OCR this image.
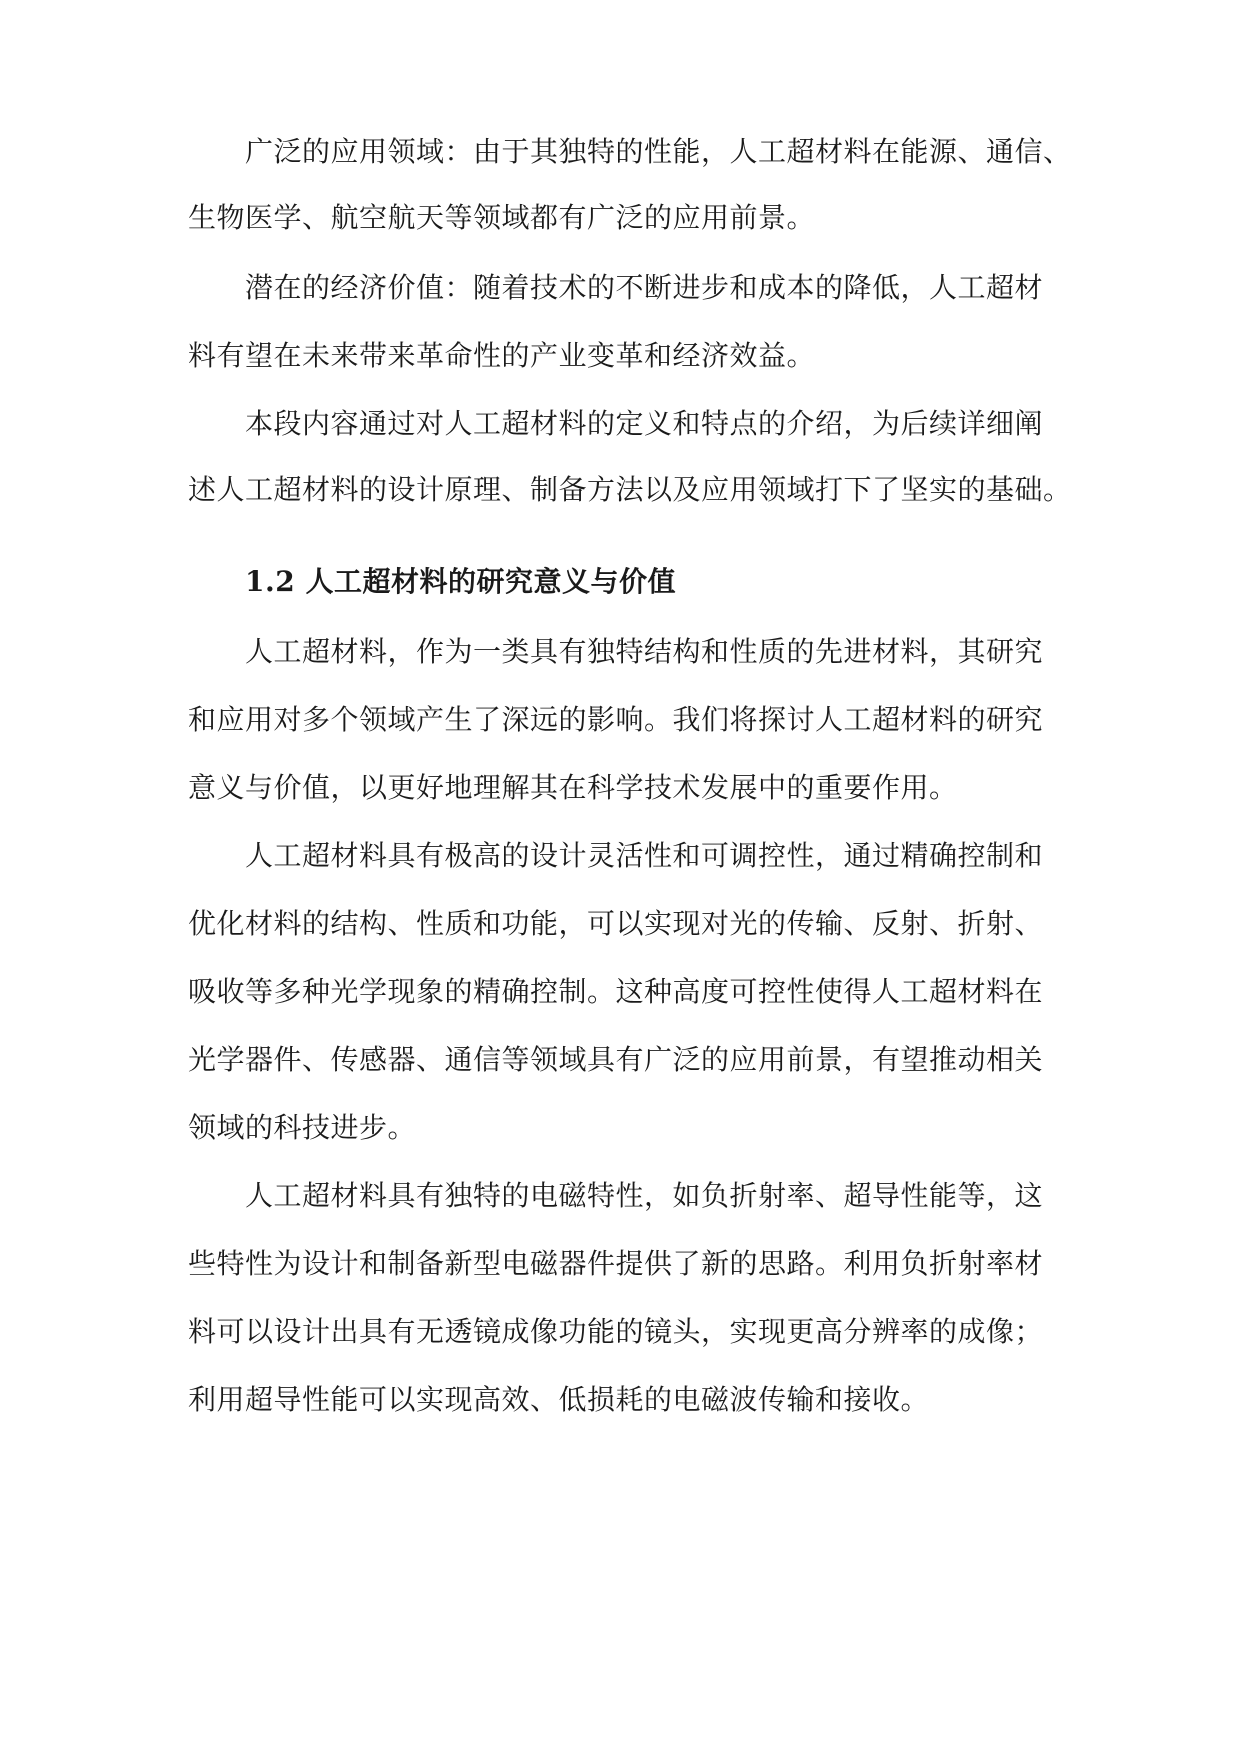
广泛的应用领域：由于其独特的性能，人工超材料在能源、通信、
生物医学、航空航天等领域都有广泛的应用前景。
潜在的经济价值：随着技术的不断进步和成本的降低，人工超材
料有望在未来带来革命性的产业变革和经济效益。
本段内容通过对人工超材料的定义和特点的介绍，为后续详细阐
述人工超材料的设计原理、制备方法以及应用领域打下了坚实的基础。
1.2 人工超材料的研究意义与价值
人工超材料，作为一类具有独特结构和性质的先进材料，其研究
和应用对多个领域产生了深远的影响。我们将探讨人工超材料的研究
意义与价值，以更好地理解其在科学技术发展中的重要作用。
人工超材料具有极高的设计灵活性和可调控性，通过精确控制和
优化材料的结构、性质和功能，可以实现对光的传输、反射、折射、
吸收等多种光学现象的精确控制。这种高度可控性使得人工超材料在
光学器件、传感器、通信等领域具有广泛的应用前景，有望推动相关
领域的科技进步。
人工超材料具有独特的电磁特性，如负折射率、超导性能等，这
些特性为设计和制备新型电磁器件提供了新的思路。利用负折射率材
料可以设计出具有无透镜成像功能的镜头，实现更高分辨率的成像；
利用超导性能可以实现高效、低损耗的电磁波传输和接收。
